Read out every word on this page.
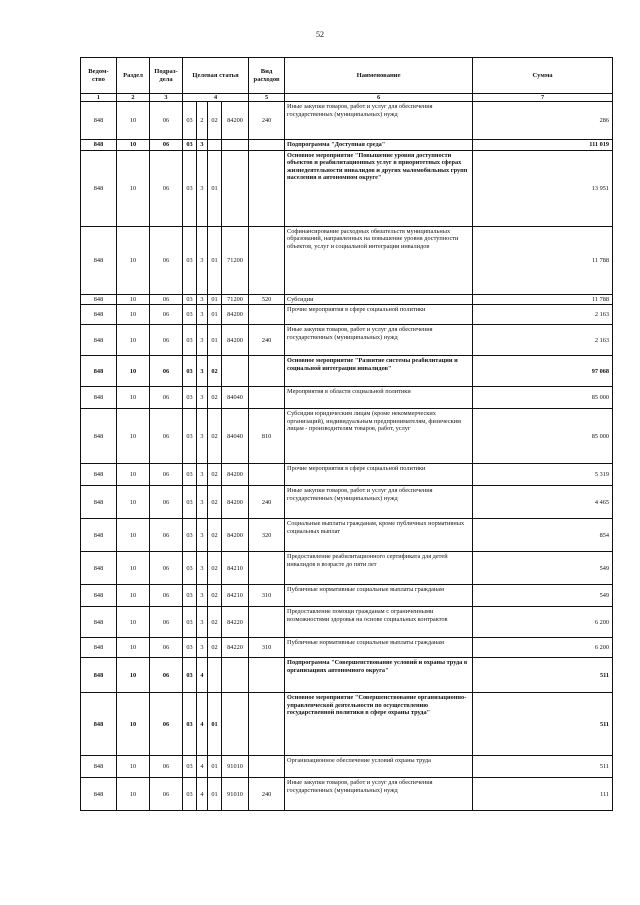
52
Ведом-ство	Раздел	Подраз-дела	Целевая статья				Вид расходов	Наименование	Сумма
1	2	3	4				5	6	7
848	10	06	03	2	02	84200	240	Иные закупки товаров, работ и услуг для обеспечения государственных (муниципальных) нужд	286
848	10	06	03	3				Подпрограмма "Доступная среда"	111 019
848	10	06	03	3	01			Основное мероприятие "Повышение уровня доступности объектов и реабилитационных услуг в приоритетных сферах жизнедеятельности инвалидов и других маломобильных групп населения в автономном округе"	13 951
848	10	06	03	3	01	71200		Софинансирование расходных обязательств муниципальных образований, направленных на повышение уровня доступности объектов, услуг и социальной интеграции инвалидов	11 788
848	10	06	03	3	01	71200	520	Субсидии	11 788
848	10	06	03	3	01	84200		Прочие мероприятия в сфере социальной политики	2 163
848	10	06	03	3	01	84200	240	Иные закупки товаров, работ и услуг для обеспечения государственных (муниципальных) нужд	2 163
848	10	06	03	3	02			Основное мероприятие "Развитие системы реабилитации и социальной интеграции инвалидов"	97 068
848	10	06	03	3	02	84040		Мероприятия в области социальной политики	85 000
848	10	06	03	3	02	84040	810	Субсидии юридическим лицам (кроме некоммерческих организаций), индивидуальным предпринимателям, физическим лицам - производителям товаров, работ, услуг	85 000
848	10	06	03	3	02	84200		Прочие мероприятия в сфере социальной политики	5 319
848	10	06	03	3	02	84200	240	Иные закупки товаров, работ и услуг для обеспечения государственных (муниципальных) нужд	4 465
848	10	06	03	3	02	84200	320	Социальные выплаты гражданам, кроме публичных нормативных социальных выплат	854
848	10	06	03	3	02	84210		Предоставление реабилитационного сертификата для детей инвалидов в возрасте до пяти лет	549
848	10	06	03	3	02	84210	310	Публичные нормативные социальные выплаты гражданам	549
848	10	06	03	3	02	84220		Предоставление помощи гражданам с ограниченными возможностями здоровья на основе социальных контрактов	6 200
848	10	06	03	3	02	84220	310	Публичные нормативные социальные выплаты гражданам	6 200
848	10	06	03	4				Подпрограмма "Совершенствование условий и охраны труда в организациях автономного округа"	511
848	10	06	03	4	01			Основное мероприятие "Совершенствование организационно-управленческой деятельности по осуществлению государственной политики в сфере охраны труда"	511
848	10	06	03	4	01	91010		Организационное обеспечение условий охраны труда	511
848	10	06	03	4	01	91010	240	Иные закупки товаров, работ и услуг для обеспечения государственных (муниципальных) нужд	111
